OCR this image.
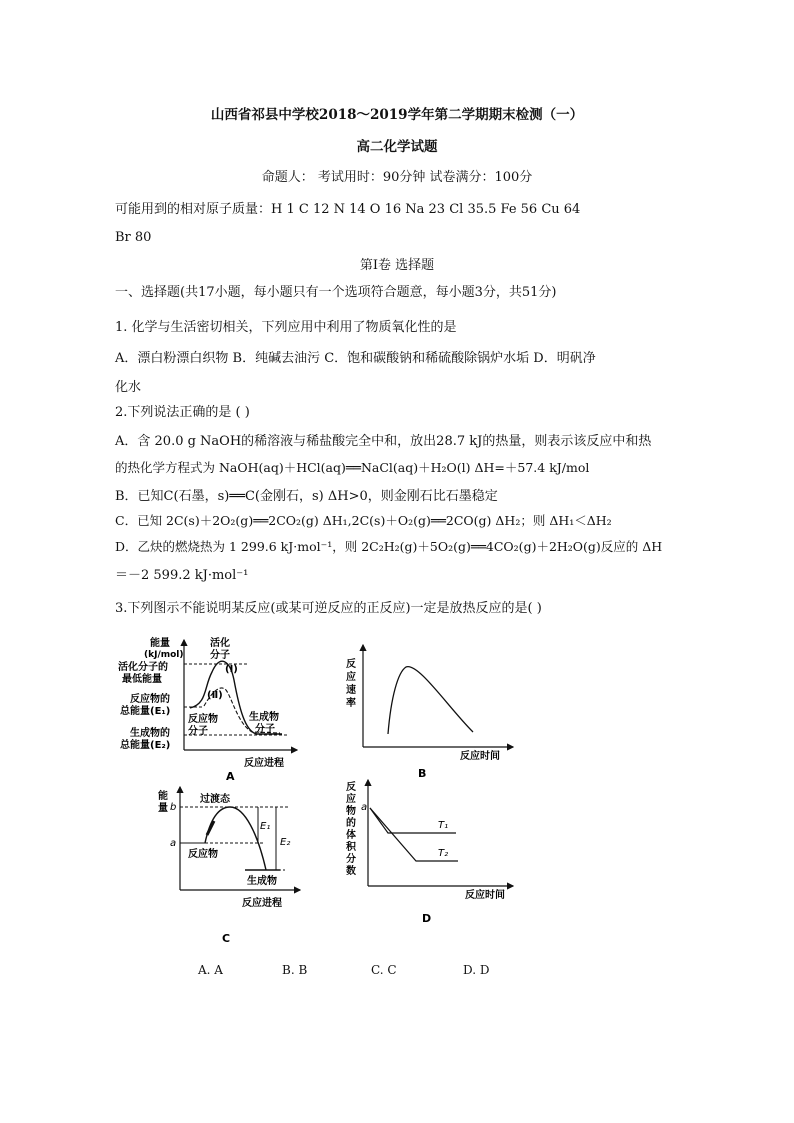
山西省祁县中学校2018～2019学年第二学期期末检测（一）
高二化学试题
命题人： 考试用时：90分钟 试卷满分：100分
可能用到的相对原子质量：H 1 C 12 N 14 O 16 Na 23 Cl 35.5 Fe 56 Cu 64
Br 80
第Ⅰ卷 选择题
一、选择题(共17小题，每小题只有一个选项符合题意，每小题3分，共51分)
1. 化学与生活密切相关，下列应用中利用了物质氧化性的是
A．漂白粉漂白织物 B．纯碱去油污 C．饱和碳酸钠和稀硫酸除锅炉水垢 D．明矾净
化水
2.下列说法正确的是 ( )
A．含 20.0 g NaOH的稀溶液与稀盐酸完全中和，放出28.7 kJ的热量，则表示该反应中和热
的热化学方程式为 NaOH(aq)＋HCl(aq)══NaCl(aq)＋H₂O(l) ΔH=＋57.4 kJ/mol
B．已知C(石墨，s)══C(金刚石，s) ΔH>0，则金刚石比石墨稳定
C．已知 2C(s)＋2O₂(g)══2CO₂(g) ΔH₁,2C(s)＋O₂(g)══2CO(g) ΔH₂；则 ΔH₁＜ΔH₂
D．乙炔的燃烧热为 1 299.6 kJ·mol⁻¹，则 2C₂H₂(g)＋5O₂(g)══4CO₂(g)＋2H₂O(g)反应的 ΔH
＝－2 599.2 kJ·mol⁻¹
3.下列图示不能说明某反应(或某可逆反应的正反应)一定是放热反应的是( )
能量
(kJ/mol)
活化分子的
最低能量
反应物的
总能量(E₁)
生成物的
总能量(E₂)
活化
分子
(Ⅰ)
(Ⅱ)
反应物
分子
生成物
分子
反应进程
A
反
应
速
率
反应时间
B
能
量 b
a
过渡态
E₁
E₂
反应物
生成物
反应进程
C
反
应
物
的
体
积
分
数
a
T₁
T₂
反应时间
D
A. A	B. B	C. C	D. D
